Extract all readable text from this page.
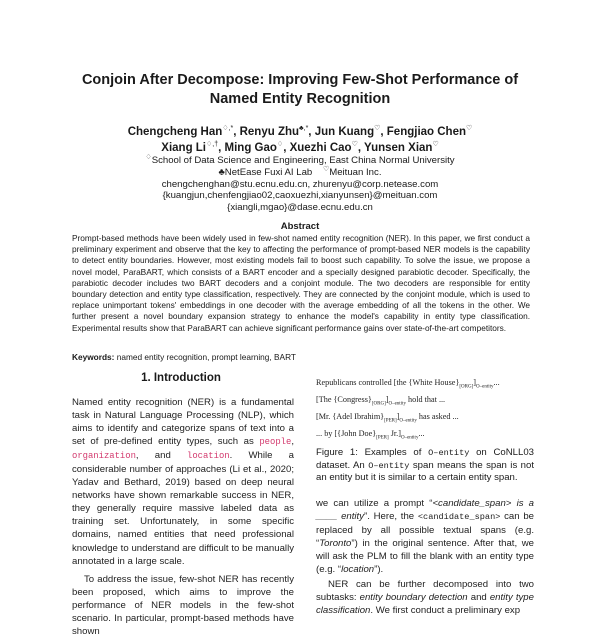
Conjoin After Decompose: Improving Few-Shot Performance of
Named Entity Recognition
Chengcheng Han♢,*, Renyu Zhu♣,*, Jun Kuang♡, Fengjiao Chen♡
Xiang Li♢,†, Ming Gao♢, Xuezhi Cao♡, Yunsen Xian♡
♢School of Data Science and Engineering, East China Normal University
♣NetEase Fuxi AI Lab ♡Meituan Inc.
chengchenghan@stu.ecnu.edu.cn, zhurenyu@corp.netease.com
{kuangjun,chenfengjiao02,caoxuezhi,xianyunsen}@meituan.com
{xiangli,mgao}@dase.ecnu.edu.cn
Abstract
Prompt-based methods have been widely used in few-shot named entity recognition (NER). In this paper, we first conduct a preliminary experiment and observe that the key to affecting the performance of prompt-based NER models is the capability to detect entity boundaries. However, most existing models fail to boost such capability. To solve the issue, we propose a novel model, ParaBART, which consists of a BART encoder and a specially designed parabiotic decoder. Specifically, the parabiotic decoder includes two BART decoders and a conjoint module. The two decoders are responsible for entity boundary detection and entity type classification, respectively. They are connected by the conjoint module, which is used to replace unimportant tokens' embeddings in one decoder with the average embedding of all the tokens in the other. We further present a novel boundary expansion strategy to enhance the model's capability in entity type classification. Experimental results show that ParaBART can achieve significant performance gains over state-of-the-art competitors.
Keywords: named entity recognition, prompt learning, BART
1. Introduction

Named entity recognition (NER) is a fundamental task in Natural Language Processing (NLP), which aims to identify and categorize spans of text into a set of pre-defined entity types, such as people, organization, and location. While a considerable number of approaches (Li et al., 2020; Yadav and Bethard, 2019) based on deep neural networks have shown remarkable success in NER, they generally require massive labeled data as training set. Unfortunately, in some specific domains, named entities that need professional knowledge to understand are difficult to be manually annotated in a large scale.

To address the issue, few-shot NER has recently been proposed, which aims to improve the performance of NER models in the few-shot scenario. In particular, prompt-based methods have shown

Republicans controlled [the {White $House\}_{[ORG]}]_{O-entity}$...
[The $\{Congress\}_{[ORG]}]_{O-entity}$ hold that ...
[Mr. {Adel $Ibrahim\}_{[PER]}]_{O-entity}$ has asked ...
... by [{John $Doe\}_{[PER]}$ $Jr.]_{O-entity}$...
Figure 1: Examples of O–entity on CoNLL03 dataset. An O–entity span means the span is not an entity but it is similar to a certain entity span.

we can utilize a prompt “<candidate_span> is a ____ entity”. Here, the <candidate_span> can be replaced by all possible textual spans (e.g. “Toronto”) in the original sentence. After that, we will ask the PLM to fill the blank with an entity type (e.g. “location”).

NER can be further decomposed into two subtasks: entity boundary detection and entity type classification. We first conduct a preliminary exp
